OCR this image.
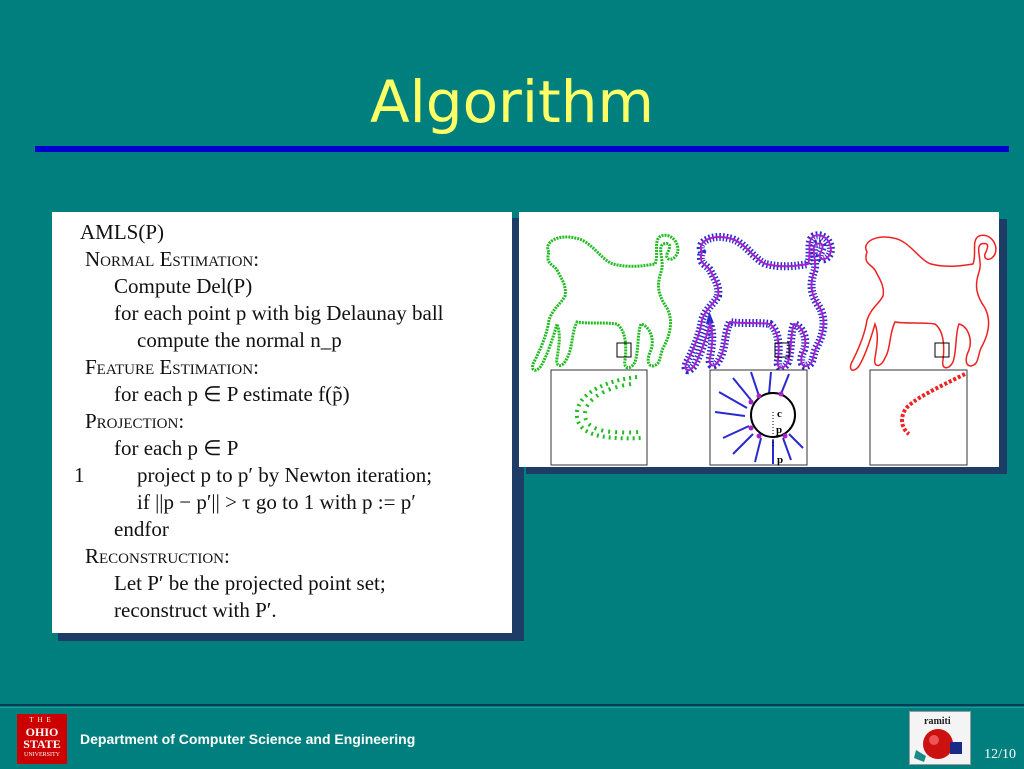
Algorithm
AMLS(P)
Normal Estimation:
Compute Del(P)
for each point p with big Delaunay ball
compute the normal n_p
Feature Estimation:
for each p ∈ P estimate f(p̃)
Projection:
for each p ∈ P
1	project p to p′ by Newton iteration;
if ||p − p′|| > τ go to 1 with p := p′
endfor
Reconstruction:
Let P′ be the projected point set;
reconstruct with P′.
c
p
p
THE
OHIO
STATE
UNIVERSITY
Department of Computer Science and Engineering
ramiti
12/10
